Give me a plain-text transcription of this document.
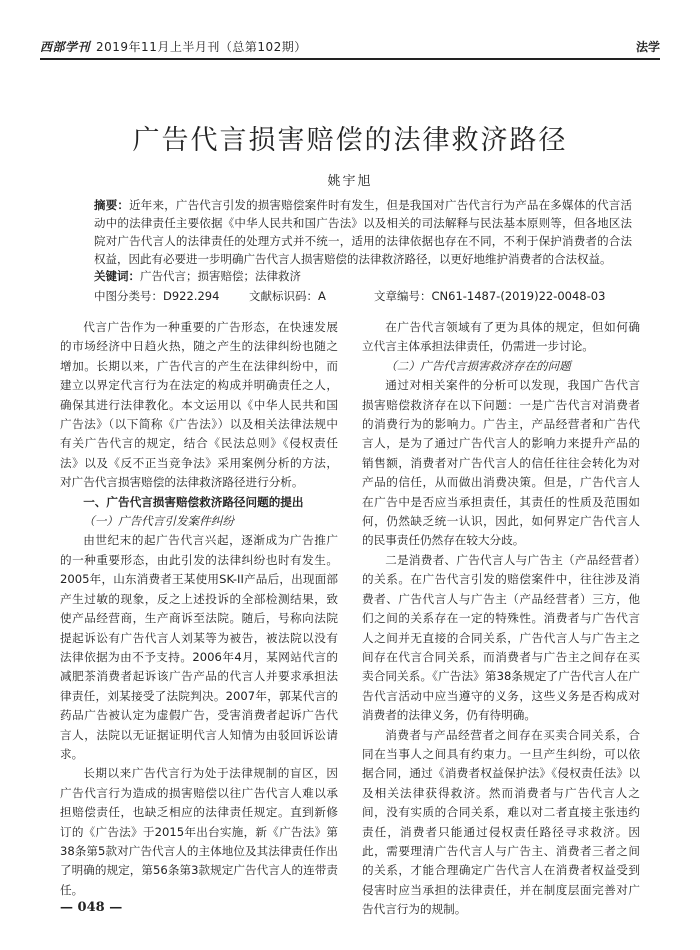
西部学刊 2019年11月上半月刊（总第102期）	法学
广告代言损害赔偿的法律救济路径
姚宇旭
摘要：近年来，广告代言引发的损害赔偿案件时有发生，但是我国对广告代言行为产品在多媒体的代言活动中的法律责任主要依据《中华人民共和国广告法》以及相关的司法解释与民法基本原则等，但各地区法院对广告代言人的法律责任的处理方式并不统一，适用的法律依据也存在不同，不利于保护消费者的合法权益，因此有必要进一步明确广告代言人损害赔偿的法律救济路径，以更好地维护消费者的合法权益。
关键词：广告代言；损害赔偿；法律救济
中图分类号：D922.294	文献标识码：A	文章编号：CN61-1487-(2019)22-0048-03

代言广告作为一种重要的广告形态，在快速发展的市场经济中日趋火热，随之产生的法律纠纷也随之增加。长期以来，广告代言的产生在法律纠纷中，而建立以界定代言行为在法定的构成并明确责任之人，确保其进行法律教化。本文运用以《中华人民共和国广告法》（以下简称《广告法》）以及相关法律法规中有关广告代言的规定，结合《民法总则》《侵权责任法》以及《反不正当竞争法》采用案例分析的方法，对广告代言损害赔偿的法律救济路径进行分析。

一、广告代言损害赔偿救济路径问题的提出
（一）广告代言引发案件纠纷

由世纪末的起广告代言兴起，逐渐成为广告推广的一种重要形态，由此引发的法律纠纷也时有发生。2005年，山东消费者王某使用SK-II产品后，出现面部产生过敏的现象，反之上述投诉的全部检测结果，致使产品经营商，生产商诉至法院。随后，号称向法院提起诉讼有广告代言人刘某等为被告，被法院以没有法律依据为由不予支持。2006年4月，某网站代言的减肥茶消费者起诉该广告产品的代言人并要求承担法律责任，刘某接受了法院判决。2007年，郭某代言的药品广告被认定为虚假广告，受害消费者起诉广告代言人，法院以无证据证明代言人知情为由驳回诉讼请求。

长期以来广告代言行为处于法律规制的盲区，因广告代言行为造成的损害赔偿以往广告代言人难以承担赔偿责任，也缺乏相应的法律责任规定。直到新修订的《广告法》于2015年出台实施，新《广告法》第38条第5款对广告代言人的主体地位及其法律责任作出了明确的规定，第56条第3款规定广告代言人的连带责任。

在广告代言领域有了更为具体的规定，但如何确立代言主体承担法律责任，仍需进一步讨论。

（二）广告代言损害救济存在的问题

通过对相关案件的分析可以发现，我国广告代言损害赔偿救济存在以下问题：一是广告代言对消费者的消费行为的影响力。广告主，产品经营者和广告代言人，是为了通过广告代言人的影响力来提升产品的销售额，消费者对广告代言人的信任往往会转化为对产品的信任，从而做出消费决策。但是，广告代言人在广告中是否应当承担责任，其责任的性质及范围如何，仍然缺乏统一认识，因此，如何界定广告代言人的民事责任仍然存在较大分歧。

二是消费者、广告代言人与广告主（产品经营者）的关系。在广告代言引发的赔偿案件中，往往涉及消费者、广告代言人与广告主（产品经营者）三方，他们之间的关系存在一定的特殊性。消费者与广告代言人之间并无直接的合同关系，广告代言人与广告主之间存在代言合同关系，而消费者与广告主之间存在买卖合同关系。《广告法》第38条规定了广告代言人在广告代言活动中应当遵守的义务，这些义务是否构成对消费者的法律义务，仍有待明确。

消费者与产品经营者之间存在买卖合同关系，合同在当事人之间具有约束力。一旦产生纠纷，可以依据合同，通过《消费者权益保护法》《侵权责任法》以及相关法律获得救济。然而消费者与广告代言人之间，没有实质的合同关系，难以对二者直接主张违约责任，消费者只能通过侵权责任路径寻求救济。因此，需要理清广告代言人与广告主、消费者三者之间的关系，才能合理确定广告代言人在消费者权益受到侵害时应当承担的法律责任，并在制度层面完善对广告代言行为的规制。

— 048 —
